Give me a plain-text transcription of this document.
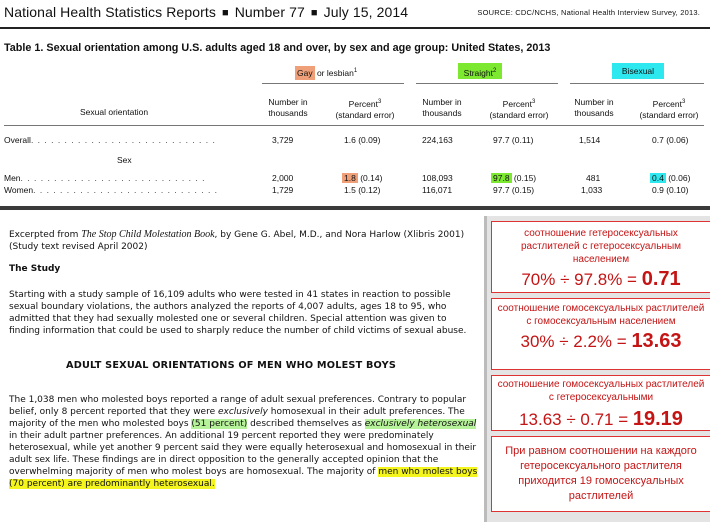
National Health Statistics Reports ■ Number 77 ■ July 15, 2014	SOURCE: CDC/NCHS, National Health Interview Survey, 2013.
Table 1. Sexual orientation among U.S. adults aged 18 and over, by sex and age group: United States, 2013
Gay or lesbian$^1$	Straight$^2$	Bisexual
Sexual orientation
Number in
thousands
Percent$^3$
(standard error)
Number in
thousands
Percent$^3$
(standard error)
Number in
thousands
Percent$^3$
(standard error)
Overall. . . . . . . . . . . . . . . . . . . . . . . . . . . .	3,729	1.6 (0.09)	224,163	97.7 (0.11)	1,514	0.7 (0.06)
Sex
Men. . . . . . . . . . . . . . . . . . . . . . . . . . . .	2,000	1.8 (0.14)	108,093	97.8 (0.15)	481	0.4 (0.06)
Women. . . . . . . . . . . . . . . . . . . . . . . . . . . .	1,729	1.5 (0.12)	116,071	97.7 (0.15)	1,033	0.9 (0.10)
Excerpted from The Stop Child Molestation Book, by Gene G. Abel, M.D., and Nora Harlow (Xlibris 2001) (Study text revised April 2002)
The Study
Starting with a study sample of 16,109 adults who were tested in 41 states in reaction to possible sexual boundary violations, the authors analyzed the reports of 4,007 adults, ages 18 to 95, who admitted that they had sexually molested one or several children. Special attention was given to finding information that could be used to sharply reduce the number of child victims of sexual abuse.
ADULT SEXUAL ORIENTATIONS OF MEN WHO MOLEST BOYS
The 1,038 men who molested boys reported a range of adult sexual preferences. Contrary to popular belief, only 8 percent reported that they were exclusively homosexual in their adult preferences. The majority of the men who molested boys (51 percent) described themselves as exclusively heterosexual in their adult partner preferences. An additional 19 percent reported they were predominately heterosexual, while yet another 9 percent said they were equally heterosexual and homosexual in their adult sex life. These findings are in direct opposition to the generally accepted opinion that the overwhelming majority of men who molest boys are homosexual. The majority of men who molest boys (70 percent) are predominantly heterosexual.
соотношение гетеросексуальных растлителей с гетеросексуальным населением
70% ÷ 97.8% = 0.71
соотношение гомосексуальных растлителей с гомосексуальным населением
30% ÷ 2.2% = 13.63
соотношение гомосексуальных растлителей с гетеросексуальными
13.63 ÷ 0.71 = 19.19
При равном соотношении на каждого гетеросексуального растлителя приходится 19 гомосексуальных растлителей
